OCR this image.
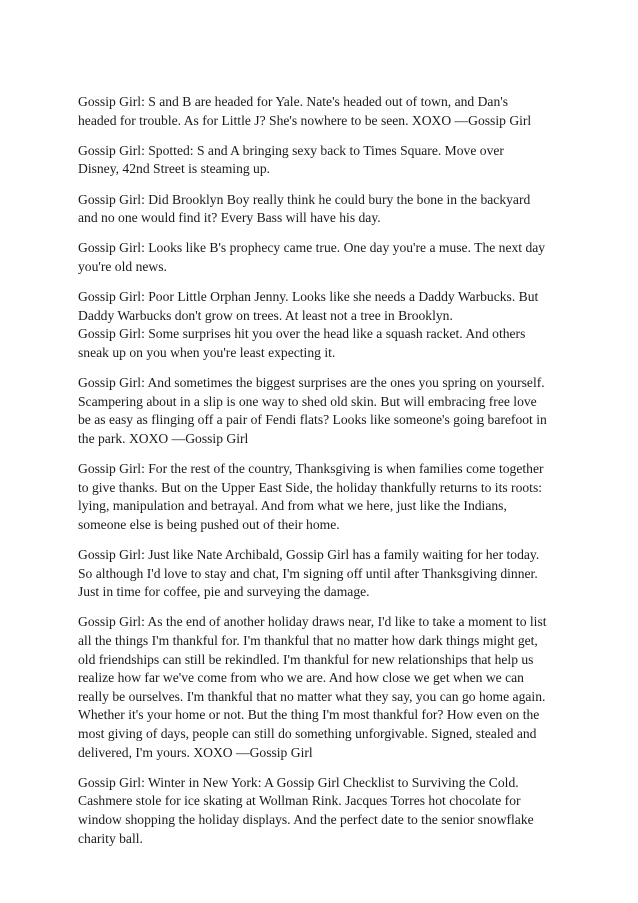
Gossip Girl: S and B are headed for Yale. Nate's headed out of town, and Dan's
headed for trouble. As for Little J? She's nowhere to be seen. XOXO —Gossip Girl

Gossip Girl: Spotted: S and A bringing sexy back to Times Square. Move over
Disney, 42nd Street is steaming up.

Gossip Girl: Did Brooklyn Boy really think he could bury the bone in the backyard
and no one would find it? Every Bass will have his day.

Gossip Girl: Looks like B's prophecy came true. One day you're a muse. The next day
you're old news.

Gossip Girl: Poor Little Orphan Jenny. Looks like she needs a Daddy Warbucks. But
Daddy Warbucks don't grow on trees. At least not a tree in Brooklyn.

Gossip Girl: Some surprises hit you over the head like a squash racket. And others
sneak up on you when you're least expecting it.

Gossip Girl: And sometimes the biggest surprises are the ones you spring on yourself.
Scampering about in a slip is one way to shed old skin. But will embracing free love
be as easy as flinging off a pair of Fendi flats? Looks like someone's going barefoot in
the park. XOXO —Gossip Girl

Gossip Girl: For the rest of the country, Thanksgiving is when families come together
to give thanks. But on the Upper East Side, the holiday thankfully returns to its roots:
lying, manipulation and betrayal. And from what we here, just like the Indians,
someone else is being pushed out of their home.

Gossip Girl: Just like Nate Archibald, Gossip Girl has a family waiting for her today.
So although I'd love to stay and chat, I'm signing off until after Thanksgiving dinner.
Just in time for coffee, pie and surveying the damage.

Gossip Girl: As the end of another holiday draws near, I'd like to take a moment to list
all the things I'm thankful for. I'm thankful that no matter how dark things might get,
old friendships can still be rekindled. I'm thankful for new relationships that help us
realize how far we've come from who we are. And how close we get when we can
really be ourselves. I'm thankful that no matter what they say, you can go home again.
Whether it's your home or not. But the thing I'm most thankful for? How even on the
most giving of days, people can still do something unforgivable. Signed, stealed and
delivered, I'm yours. XOXO —Gossip Girl

Gossip Girl: Winter in New York: A Gossip Girl Checklist to Surviving the Cold.
Cashmere stole for ice skating at Wollman Rink. Jacques Torres hot chocolate for
window shopping the holiday displays. And the perfect date to the senior snowflake
charity ball.
